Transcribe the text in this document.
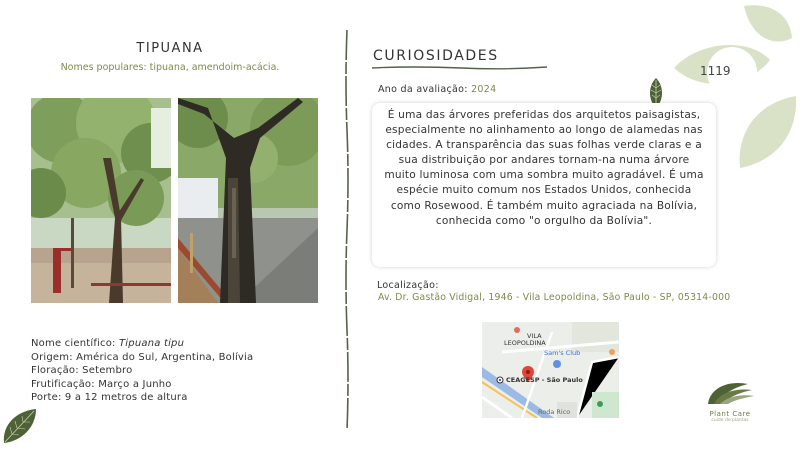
TIPUANA
Nomes populares: tipuana, amendoim-acácia.
Nome científico: Tipuana tipu
Origem: América do Sul, Argentina, Bolívia
Floração: Setembro
Frutificação: Março a Junho
Porte: 9 a 12 metros de altura
CURIOSIDADES
Ano da avaliação: 2024

É uma das árvores preferidas dos arquitetos paisagistas, especialmente no alinhamento ao longo de alamedas nas cidades. A transparência das suas folhas verde claras e a sua distribuição por andares tornam-na numa árvore muito luminosa com uma sombra muito agradável. É uma espécie muito comum nos Estados Unidos, conhecida como Rosewood. É também muito agraciada na Bolívia, conhecida como "o orgulho da Bolívia".

Localização:
Av. Dr. Gastão Vidigal, 1946 - Vila Leopoldina, São Paulo - SP, 05314-000
VILA
LEOPOLDINA
Sam's Club
CEAGESP - São Paulo
Roda Rico
1119
Plant Care
cuide de plantas
